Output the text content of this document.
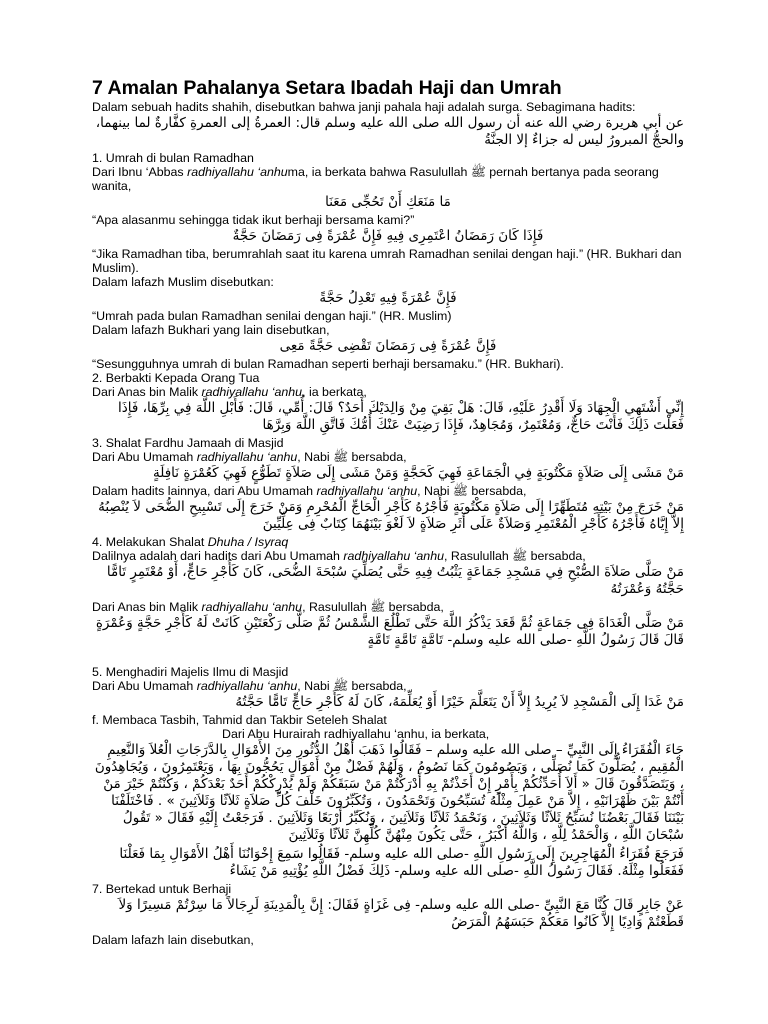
7 Amalan Pahalanya Setara Ibadah Haji dan Umrah

Dalam sebuah hadits shahih, disebutkan bahwa janji pahala haji adalah surga. Sebagimana hadits:

عن أبي هريرة رضي الله عنه أن رسول الله صلى الله عليه وسلم قال: العمرةُ إلى العمرةِ كفَّارةٌ لما بينهما، والحجُّ المبرورُ ليس له جزاءٌ إلا الجنَّةُ

1. Umrah di bulan Ramadhan

Dari Ibnu ‘Abbas radhiyallahu ‘anhuma, ia berkata bahwa Rasulullah ﷺ pernah bertanya pada seorang wanita,

مَا مَنَعَكِ أَنْ تَحُجِّى مَعَنَا

“Apa alasanmu sehingga tidak ikut berhaji bersama kami?”

فَإِذَا كَانَ رَمَضَانُ اعْتَمِرِى فِيهِ فَإِنَّ عُمْرَةً فِى رَمَضَانَ حَجَّةٌ

“Jika Ramadhan tiba, berumrahlah saat itu karena umrah Ramadhan senilai dengan haji.” (HR. Bukhari dan Muslim).

Dalam lafazh Muslim disebutkan:

فَإِنَّ عُمْرَةً فِيهِ تَعْدِلُ حَجَّةً

“Umrah pada bulan Ramadhan senilai dengan haji.” (HR. Muslim)

Dalam lafazh Bukhari yang lain disebutkan,

فَإِنَّ عُمْرَةً فِى رَمَضَانَ تَقْضِى حَجَّةً مَعِى

“Sesungguhnya umrah di bulan Ramadhan seperti berhaji bersamaku.” (HR. Bukhari).

2. Berbakti Kepada Orang Tua

Dari Anas bin Malik radhiyallahu ‘anhu, ia berkata,

إِنِّي أَشْتَهِي الْجِهَادَ وَلَا أَقْدِرُ عَلَيْهِ، قَالَ: هَلْ بَقِيَ مِنْ وَالِدَيْكَ أَحَدٌ؟ قَالَ: أُمِّي، قَالَ: فَأَبْلِ اللَّهَ فِي بِرِّهَا، فَإِذَا فَعَلْتَ ذَلِكَ فَأَنْتَ حَاجٌّ، وَمُعْتَمِرٌ، وَمُجَاهِدٌ، فَإِذَا رَضِيَتْ عَنْكَ أُمُّكَ فَاتَّقِ اللَّهَ وَبِرَّهَا

3. Shalat Fardhu Jamaah di Masjid

Dari Abu Umamah radhiyallahu ‘anhu, Nabi ﷺ bersabda,

مَنْ مَشَى إِلَى صَلاَةٍ مَكْتُوبَةٍ فِي الْجَمَاعَةِ فَهِيَ كَحَجَّةٍ وَمَنْ مَشَى إِلَى صَلاَةٍ تَطَوُّعٍ فَهِيَ كَعُمْرَةٍ نَافِلَةٍ

Dalam hadits lainnya, dari Abu Umamah radhiyallahu ‘anhu, Nabi ﷺ bersabda,

مَنْ خَرَجَ مِنْ بَيْتِهِ مُتَطَهِّرًا إِلَى صَلاَةٍ مَكْتُوبَةٍ فَأَجْرُهُ كَأَجْرِ الْحَاجِّ الْمُحْرِمِ وَمَنْ خَرَجَ إِلَى تَسْبِيحِ الضُّحَى لاَ يُنْصِبُهُ إِلاَّ إِيَّاهُ فَأَجْرُهُ كَأَجْرِ الْمُعْتَمِرِ وَصَلاَةٌ عَلَى أَثَرِ صَلاَةٍ لاَ لَغْوَ بَيْنَهُمَا كِتَابٌ فِى عِلِّيِّينَ

4. Melakukan Shalat Dhuha / Isyraq

Dalilnya adalah dari hadits dari Abu Umamah radhiyallahu ‘anhu, Rasulullah ﷺ bersabda,

مَنْ صَلَّى صَلاَةَ الصُّبْحِ فِي مَسْجِدِ جَمَاعَةٍ يَثْبُتُ فِيهِ حَتَّى يُصَلِّيَ سُبْحَةَ الضُّحَى، كَانَ كَأَجْرِ حَاجٍّ، أَوْ مُعْتَمِرٍ تَامًّا حَجَّتُهُ وَعُمْرَتُهُ

Dari Anas bin Malik radhiyallahu ‘anhu, Rasulullah ﷺ bersabda,

مَنْ صَلَّى الْغَدَاةَ فِى جَمَاعَةٍ ثُمَّ قَعَدَ يَذْكُرُ اللَّهَ حَتَّى تَطْلُعَ الشَّمْسُ ثُمَّ صَلَّى رَكْعَتَيْنِ كَانَتْ لَهُ كَأَجْرِ حَجَّةٍ وَعُمْرَةٍ قَالَ قَالَ رَسُولُ اللَّهِ -صلى الله عليه وسلم- تَامَّةٍ تَامَّةٍ تَامَّةٍ

5. Menghadiri Majelis Ilmu di Masjid

Dari Abu Umamah radhiyallahu ‘anhu, Nabi ﷺ bersabda,

مَنْ غَدَا إِلَى الْمَسْجِدِ لاَ يُرِيدُ إِلاَّ أَنْ يَتَعَلَّمَ خَيْرًا أَوْ يُعَلِّمَهُ، كَانَ لَهُ كَأَجْرِ حَاجٍّ تَامًّا حَجَّتُهُ

f. Membaca Tasbih, Tahmid dan Takbir Seteleh Shalat

Dari Abu Hurairah radhiyallahu ‘anhu, ia berkata,

جَاءَ الْفُقَرَاءُ إِلَى النَّبِيِّ – صلى الله عليه وسلم – فَقَالُوا ذَهَبَ أَهْلُ الدُّثُورِ مِنَ الأَمْوَالِ بِالدَّرَجَاتِ الْعُلاَ وَالنَّعِيمِ الْمُقِيمِ ، يُصَلُّونَ كَمَا نُصَلِّى ، وَيَصُومُونَ كَمَا نَصُومُ ، وَلَهُمْ فَضْلٌ مِنْ أَمْوَالٍ يَحُجُّونَ بِهَا ، وَيَعْتَمِرُونَ ، وَيُجَاهِدُونَ ، وَيَتَصَدَّقُونَ قَالَ « أَلاَ أُحَدِّثُكُمْ بِأَمْرٍ إِنْ أَخَذْتُمْ بِهِ أَدْرَكْتُمْ مَنْ سَبَقَكُمْ وَلَمْ يُدْرِكْكُمْ أَحَدٌ بَعْدَكُمْ ، وَكُنْتُمْ خَيْرَ مَنْ أَنْتُمْ بَيْنَ ظَهْرَانَيْهِ ، إِلاَّ مَنْ عَمِلَ مِثْلَهُ تُسَبِّحُونَ وَتَحْمَدُونَ ، وَتُكَبِّرُونَ خَلْفَ كُلِّ صَلاَةٍ ثَلاَثًا وَثَلاَثِينَ » . فَاخْتَلَفْنَا بَيْنَنَا فَقَالَ بَعْضُنَا نُسَبِّحُ ثَلاَثًا وَثَلاَثِينَ ، وَنَحْمَدُ ثَلاَثًا وَثَلاَثِينَ ، وَنُكَبِّرُ أَرْبَعًا وَثَلاَثِينَ . فَرَجَعْتُ إِلَيْهِ فَقَالَ « تَقُولُ سُبْحَانَ اللَّهِ ، وَالْحَمْدُ لِلَّهِ ، وَاللَّهُ أَكْبَرُ ، حَتَّى يَكُونَ مِنْهُنَّ كُلِّهِنَّ ثَلاَثًا وَثَلاَثِينَ

فَرَجَعَ فُقَرَاءُ الْمُهَاجِرِينَ إِلَى رَسُولِ اللَّهِ -صلى الله عليه وسلم- فَقَالُوا سَمِعَ إِخْوَانُنَا أَهْلُ الأَمْوَالِ بِمَا فَعَلْنَا فَفَعَلُوا مِثْلَهُ. فَقَالَ رَسُولُ اللَّهِ -صلى الله عليه وسلم- ذَلِكَ فَضْلُ اللَّهِ يُؤْتِيهِ مَنْ يَشَاءُ

7. Bertekad untuk Berhaji

عَنْ جَابِرٍ قَالَ كُنَّا مَعَ النَّبِىِّ -صلى الله عليه وسلم- فِى غَزَاةٍ فَقَالَ: إِنَّ بِالْمَدِينَةِ لَرِجَالاً مَا سِرْتُمْ مَسِيرًا وَلاَ قَطَعْتُمْ وَادِيًا إِلاَّ كَانُوا مَعَكُمْ حَبَسَهُمُ الْمَرَضُ

Dalam lafazh lain disebutkan,
